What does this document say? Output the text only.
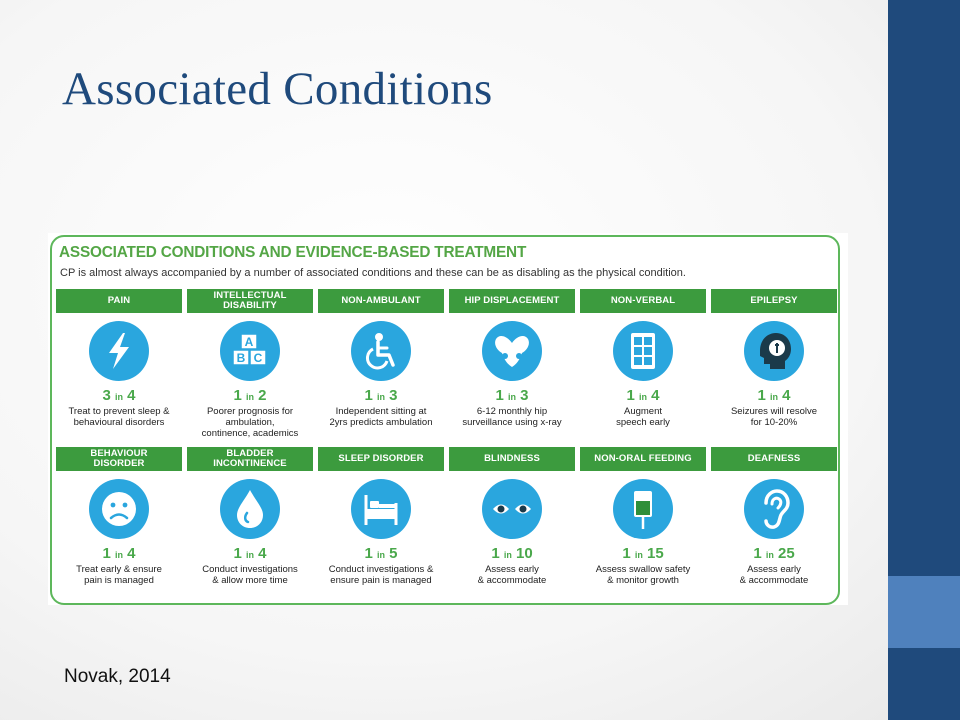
Associated Conditions
ASSOCIATED CONDITIONS AND EVIDENCE-BASED TREATMENT
CP is almost always accompanied by a number of associated conditions and these can be as disabling as the physical condition.
PAIN
3 in 4
Treat to prevent sleep &
behavioural disorders
INTELLECTUAL
DISABILITY
A
B C
1 in 2
Poorer prognosis for ambulation,
continence, academics
NON-AMBULANT
1 in 3
Independent sitting at
2yrs predicts ambulation
HIP DISPLACEMENT
1 in 3
6-12 monthly hip
surveillance using x-ray
NON-VERBAL
1 in 4
Augment
speech early
EPILEPSY
1 in 4
Seizures will resolve
for 10-20%
BEHAVIOUR
DISORDER
1 in 4
Treat early & ensure
pain is managed
BLADDER
INCONTINENCE
1 in 4
Conduct investigations
& allow more time
SLEEP DISORDER
1 in 5
Conduct investigations &
ensure pain is managed
BLINDNESS
1 in 10
Assess early
& accommodate
NON-ORAL FEEDING
1 in 15
Assess swallow safety
& monitor growth
DEAFNESS
1 in 25
Assess early
& accommodate
Novak, 2014
